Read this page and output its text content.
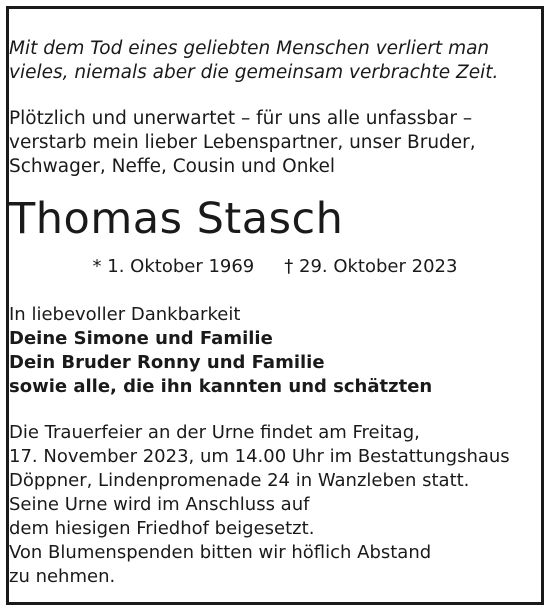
Mit dem Tod eines geliebten Menschen verliert man
vieles, niemals aber die gemeinsam verbrachte Zeit.
Plötzlich und unerwartet – für uns alle unfassbar –
verstarb mein lieber Lebenspartner, unser Bruder,
Schwager, Neffe, Cousin und Onkel
Thomas Stasch
* 1. Oktober 1969 † 29. Oktober 2023
In liebevoller Dankbarkeit
Deine Simone und Familie
Dein Bruder Ronny und Familie
sowie alle, die ihn kannten und schätzten
Die Trauerfeier an der Urne findet am Freitag,
17. November 2023, um 14.00 Uhr im Bestattungshaus
Döppner, Lindenpromenade 24 in Wanzleben statt.
Seine Urne wird im Anschluss auf
dem hiesigen Friedhof beigesetzt.
Von Blumenspenden bitten wir höflich Abstand
zu nehmen.
